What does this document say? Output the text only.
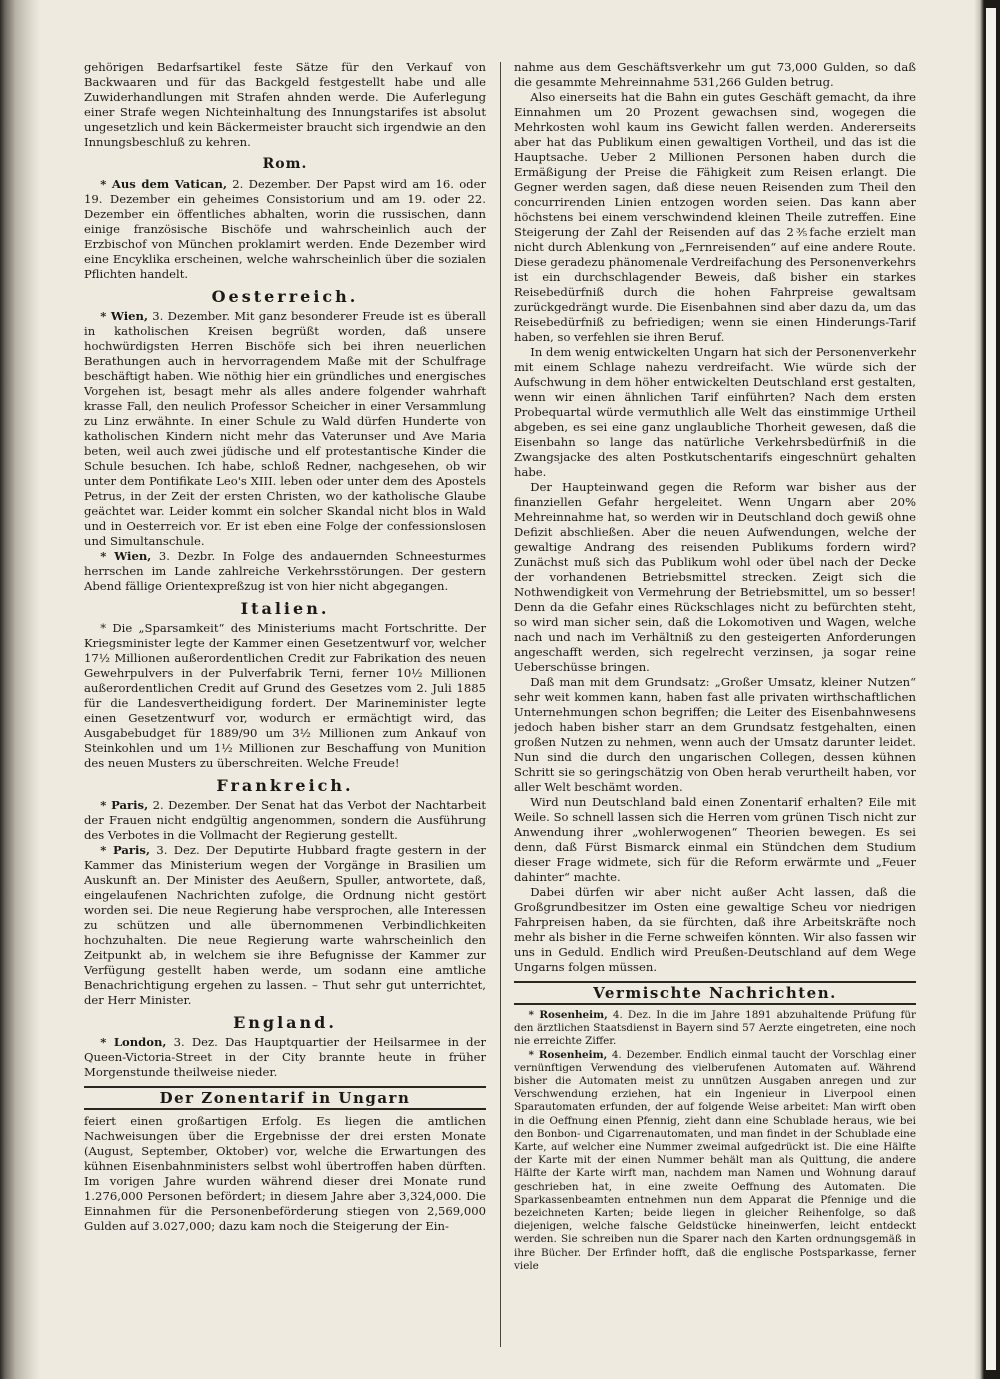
gehörigen Bedarfsartikel feste Sätze für den Verkauf von Backwaaren und für das Backgeld festgestellt habe und alle Zuwiderhandlungen mit Strafen ahnden werde. Die Auferlegung einer Strafe wegen Nichteinhaltung des Innungstarifes ist absolut ungesetzlich und kein Bäckermeister braucht sich irgendwie an den Innungsbeschluß zu kehren.

Rom.

* Aus dem Vatican, 2. Dezember. Der Papst wird am 16. oder 19. Dezember ein geheimes Consistorium und am 19. oder 22. Dezember ein öffentliches abhalten, worin die russischen, dann einige französische Bischöfe und wahrscheinlich auch der Erzbischof von München proklamirt werden. Ende Dezember wird eine Encyklika erscheinen, welche wahrscheinlich über die sozialen Pflichten handelt.

Oesterreich.

* Wien, 3. Dezember. Mit ganz besonderer Freude ist es überall in katholischen Kreisen begrüßt worden, daß unsere hochwürdigsten Herren Bischöfe sich bei ihren neuerlichen Berathungen auch in hervorragendem Maße mit der Schulfrage beschäftigt haben. Wie nöthig hier ein gründliches und energisches Vorgehen ist, besagt mehr als alles andere folgender wahrhaft krasse Fall, den neulich Professor Scheicher in einer Versammlung zu Linz erwähnte. In einer Schule zu Wald dürfen Hunderte von katholischen Kindern nicht mehr das Vaterunser und Ave Maria beten, weil auch zwei jüdische und elf protestantische Kinder die Schule besuchen. Ich habe, schloß Redner, nachgesehen, ob wir unter dem Pontifikate Leo's XIII. leben oder unter dem des Apostels Petrus, in der Zeit der ersten Christen, wo der katholische Glaube geächtet war. Leider kommt ein solcher Skandal nicht blos in Wald und in Oesterreich vor. Er ist eben eine Folge der confessionslosen und Simultanschule.

* Wien, 3. Dezbr. In Folge des andauernden Schneesturmes herrschen im Lande zahlreiche Verkehrsstörungen. Der gestern Abend fällige Orientexpreßzug ist von hier nicht abgegangen.

Italien.

* Die „Sparsamkeit“ des Ministeriums macht Fortschritte. Der Kriegsminister legte der Kammer einen Gesetzentwurf vor, welcher 17½ Millionen außerordentlichen Credit zur Fabrikation des neuen Gewehrpulvers in der Pulverfabrik Terni, ferner 10½ Millionen außerordentlichen Credit auf Grund des Gesetzes vom 2. Juli 1885 für die Landesvertheidigung fordert. Der Marineminister legte einen Gesetzentwurf vor, wodurch er ermächtigt wird, das Ausgabebudget für 1889/90 um 3½ Millionen zum Ankauf von Steinkohlen und um 1½ Millionen zur Beschaffung von Munition des neuen Musters zu überschreiten. Welche Freude!

Frankreich.

* Paris, 2. Dezember. Der Senat hat das Verbot der Nachtarbeit der Frauen nicht endgültig angenommen, sondern die Ausführung des Verbotes in die Vollmacht der Regierung gestellt.

* Paris, 3. Dez. Der Deputirte Hubbard fragte gestern in der Kammer das Ministerium wegen der Vorgänge in Brasilien um Auskunft an. Der Minister des Aeußern, Spuller, antwortete, daß, eingelaufenen Nachrichten zufolge, die Ordnung nicht gestört worden sei. Die neue Regierung habe versprochen, alle Interessen zu schützen und alle übernommenen Verbindlichkeiten hochzuhalten. Die neue Regierung warte wahrscheinlich den Zeitpunkt ab, in welchem sie ihre Befugnisse der Kammer zur Verfügung gestellt haben werde, um sodann eine amtliche Benachrichtigung ergehen zu lassen. – Thut sehr gut unterrichtet, der Herr Minister.

England.

* London, 3. Dez. Das Hauptquartier der Heilsarmee in der Queen-Victoria-Street in der City brannte heute in früher Morgenstunde theilweise nieder.

Der Zonentarif in Ungarn

feiert einen großartigen Erfolg. Es liegen die amtlichen Nachweisungen über die Ergebnisse der drei ersten Monate (August, September, Oktober) vor, welche die Erwartungen des kühnen Eisenbahnministers selbst wohl übertroffen haben dürften. Im vorigen Jahre wurden während dieser drei Monate rund 1.276,000 Personen befördert; in diesem Jahre aber 3,324,000. Die Einnahmen für die Personenbeförderung stiegen von 2,569,000 Gulden auf 3.027,000; dazu kam noch die Steigerung der Ein-

nahme aus dem Geschäftsverkehr um gut 73,000 Gulden, so daß die gesammte Mehreinnahme 531,266 Gulden betrug.

Also einerseits hat die Bahn ein gutes Geschäft gemacht, da ihre Einnahmen um 20 Prozent gewachsen sind, wogegen die Mehrkosten wohl kaum ins Gewicht fallen werden. Andererseits aber hat das Publikum einen gewaltigen Vortheil, und das ist die Hauptsache. Ueber 2 Millionen Personen haben durch die Ermäßigung der Preise die Fähigkeit zum Reisen erlangt. Die Gegner werden sagen, daß diese neuen Reisenden zum Theil den concurrirenden Linien entzogen worden seien. Das kann aber höchstens bei einem verschwindend kleinen Theile zutreffen. Eine Steigerung der Zahl der Reisenden auf das 2⅗fache erzielt man nicht durch Ablenkung von „Fernreisenden“ auf eine andere Route. Diese geradezu phänomenale Verdreifachung des Personenverkehrs ist ein durchschlagender Beweis, daß bisher ein starkes Reisebedürfniß durch die hohen Fahrpreise gewaltsam zurückgedrängt wurde. Die Eisenbahnen sind aber dazu da, um das Reisebedürfniß zu befriedigen; wenn sie einen Hinderungs-Tarif haben, so verfehlen sie ihren Beruf.

In dem wenig entwickelten Ungarn hat sich der Personenverkehr mit einem Schlage nahezu verdreifacht. Wie würde sich der Aufschwung in dem höher entwickelten Deutschland erst gestalten, wenn wir einen ähnlichen Tarif einführten? Nach dem ersten Probequartal würde vermuthlich alle Welt das einstimmige Urtheil abgeben, es sei eine ganz unglaubliche Thorheit gewesen, daß die Eisenbahn so lange das natürliche Verkehrsbedürfniß in die Zwangsjacke des alten Postkutschentarifs eingeschnürt gehalten habe.

Der Haupteinwand gegen die Reform war bisher aus der finanziellen Gefahr hergeleitet. Wenn Ungarn aber 20% Mehreinnahme hat, so werden wir in Deutschland doch gewiß ohne Defizit abschließen. Aber die neuen Aufwendungen, welche der gewaltige Andrang des reisenden Publikums fordern wird? Zunächst muß sich das Publikum wohl oder übel nach der Decke der vorhandenen Betriebsmittel strecken. Zeigt sich die Nothwendigkeit von Vermehrung der Betriebsmittel, um so besser! Denn da die Gefahr eines Rückschlages nicht zu befürchten steht, so wird man sicher sein, daß die Lokomotiven und Wagen, welche nach und nach im Verhältniß zu den gesteigerten Anforderungen angeschafft werden, sich regelrecht verzinsen, ja sogar reine Ueberschüsse bringen.

Daß man mit dem Grundsatz: „Großer Umsatz, kleiner Nutzen“ sehr weit kommen kann, haben fast alle privaten wirthschaftlichen Unternehmungen schon begriffen; die Leiter des Eisenbahnwesens jedoch haben bisher starr an dem Grundsatz festgehalten, einen großen Nutzen zu nehmen, wenn auch der Umsatz darunter leidet. Nun sind die durch den ungarischen Collegen, dessen kühnen Schritt sie so geringschätzig von Oben herab verurtheilt haben, vor aller Welt beschämt worden.

Wird nun Deutschland bald einen Zonentarif erhalten? Eile mit Weile. So schnell lassen sich die Herren vom grünen Tisch nicht zur Anwendung ihrer „wohlerwogenen“ Theorien bewegen. Es sei denn, daß Fürst Bismarck einmal ein Stündchen dem Studium dieser Frage widmete, sich für die Reform erwärmte und „Feuer dahinter“ machte.

Dabei dürfen wir aber nicht außer Acht lassen, daß die Großgrundbesitzer im Osten eine gewaltige Scheu vor niedrigen Fahrpreisen haben, da sie fürchten, daß ihre Arbeitskräfte noch mehr als bisher in die Ferne schweifen könnten. Wir also fassen wir uns in Geduld. Endlich wird Preußen-Deutschland auf dem Wege Ungarns folgen müssen.

Vermischte Nachrichten.

* Rosenheim, 4. Dez. In die im Jahre 1891 abzuhaltende Prüfung für den ärztlichen Staatsdienst in Bayern sind 57 Aerzte eingetreten, eine noch nie erreichte Ziffer.

* Rosenheim, 4. Dezember. Endlich einmal taucht der Vorschlag einer vernünftigen Verwendung des vielberufenen Automaten auf. Während bisher die Automaten meist zu unnützen Ausgaben anregen und zur Verschwendung erziehen, hat ein Ingenieur in Liverpool einen Sparautomaten erfunden, der auf folgende Weise arbeitet: Man wirft oben in die Oeffnung einen Pfennig, zieht dann eine Schublade heraus, wie bei den Bonbon- und Cigarrenautomaten, und man findet in der Schublade eine Karte, auf welcher eine Nummer zweimal aufgedrückt ist. Die eine Hälfte der Karte mit der einen Nummer behält man als Quittung, die andere Hälfte der Karte wirft man, nachdem man Namen und Wohnung darauf geschrieben hat, in eine zweite Oeffnung des Automaten. Die Sparkassenbeamten entnehmen nun dem Apparat die Pfennige und die bezeichneten Karten; beide liegen in gleicher Reihenfolge, so daß diejenigen, welche falsche Geldstücke hineinwerfen, leicht entdeckt werden. Sie schreiben nun die Sparer nach den Karten ordnungsgemäß in ihre Bücher. Der Erfinder hofft, daß die englische Postsparkasse, ferner viele
